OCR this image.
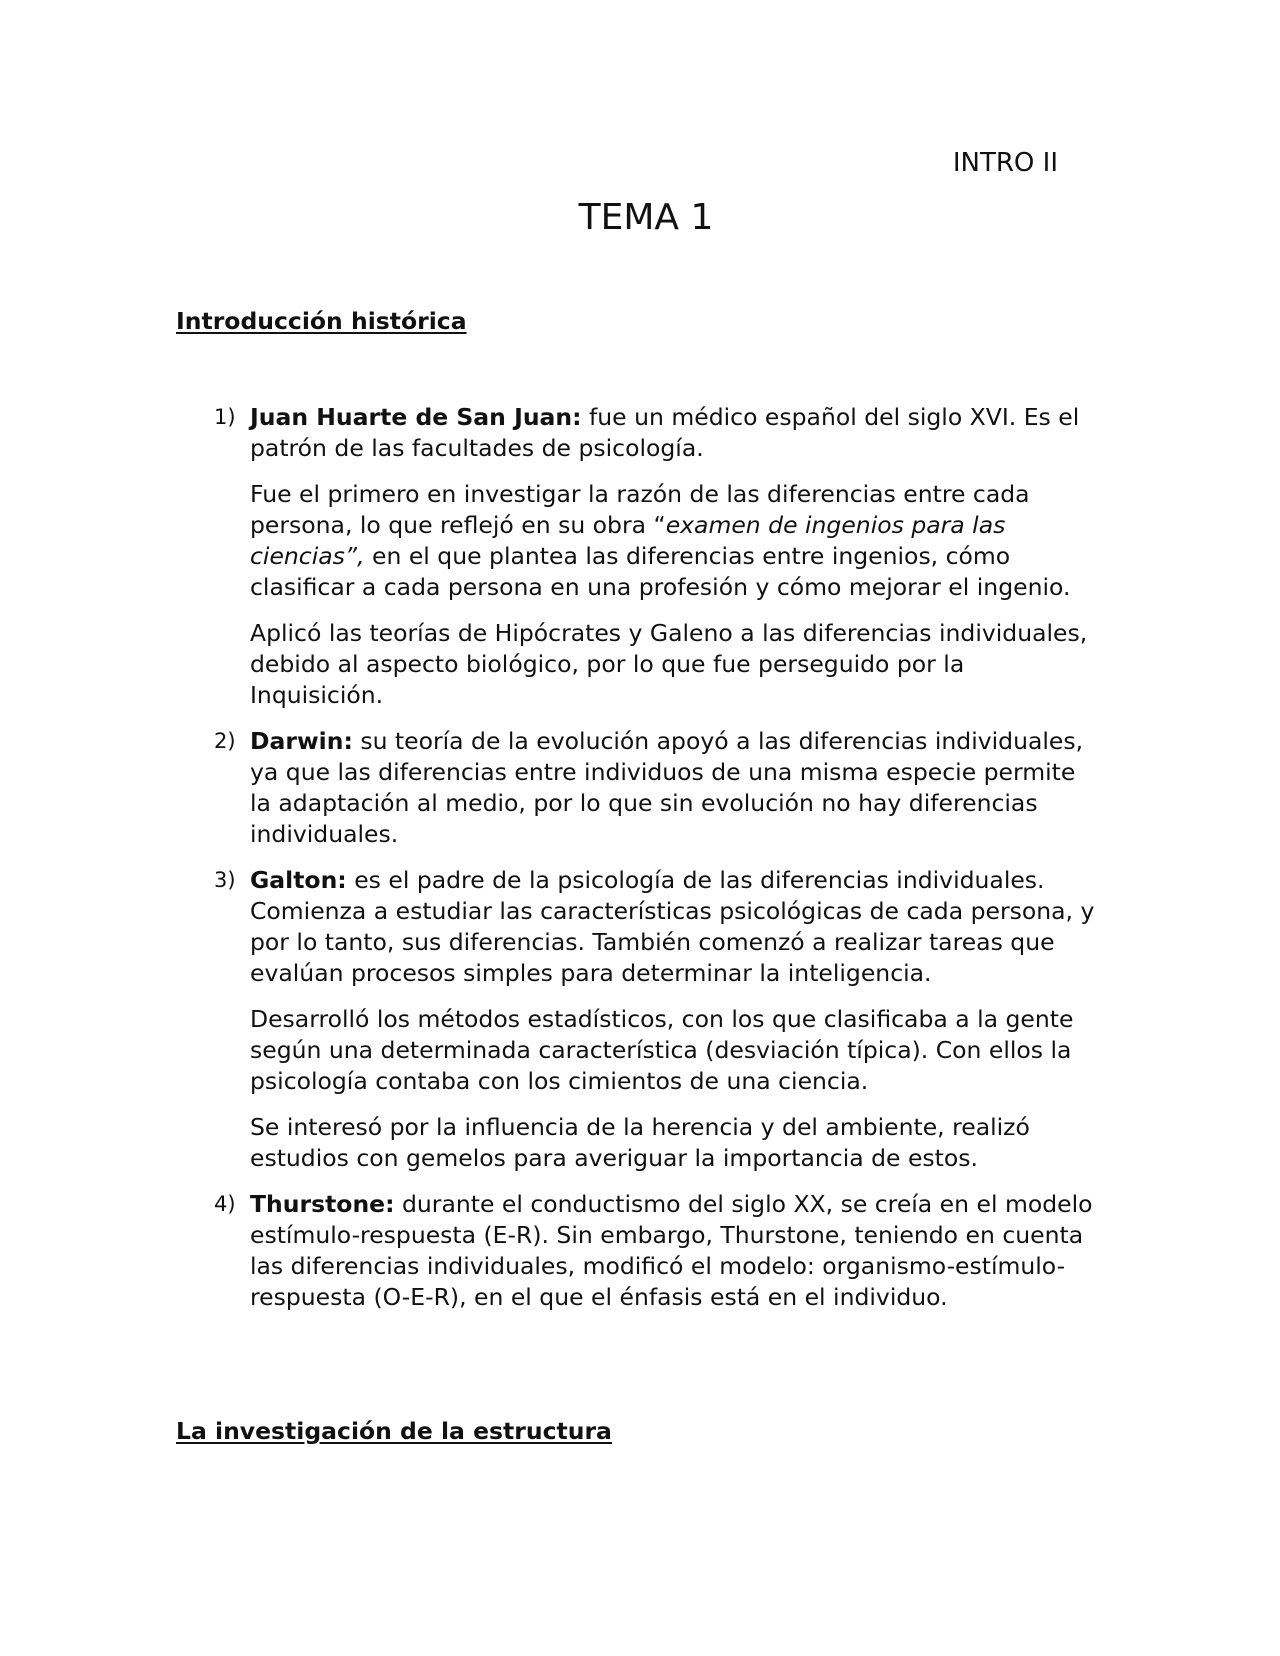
INTRO II
TEMA 1
Introducción histórica
1) Juan Huarte de San Juan: fue un médico español del siglo XVI. Es el patrón de las facultades de psicología.

Fue el primero en investigar la razón de las diferencias entre cada persona, lo que reflejó en su obra “examen de ingenios para las ciencias”, en el que plantea las diferencias entre ingenios, cómo clasificar a cada persona en una profesión y cómo mejorar el ingenio.

Aplicó las teorías de Hipócrates y Galeno a las diferencias individuales, debido al aspecto biológico, por lo que fue perseguido por la Inquisición.

2) Darwin: su teoría de la evolución apoyó a las diferencias individuales, ya que las diferencias entre individuos de una misma especie permite la adaptación al medio, por lo que sin evolución no hay diferencias individuales.

3) Galton: es el padre de la psicología de las diferencias individuales. Comienza a estudiar las características psicológicas de cada persona, y por lo tanto, sus diferencias. También comenzó a realizar tareas que evalúan procesos simples para determinar la inteligencia.

Desarrolló los métodos estadísticos, con los que clasificaba a la gente según una determinada característica (desviación típica). Con ellos la psicología contaba con los cimientos de una ciencia.

Se interesó por la influencia de la herencia y del ambiente, realizó estudios con gemelos para averiguar la importancia de estos.

4) Thurstone: durante el conductismo del siglo XX, se creía en el modelo estímulo-respuesta (E-R). Sin embargo, Thurstone, teniendo en cuenta las diferencias individuales, modificó el modelo: organismo-estímulo-respuesta (O-E-R), en el que el énfasis está en el individuo.

La investigación de la estructura
